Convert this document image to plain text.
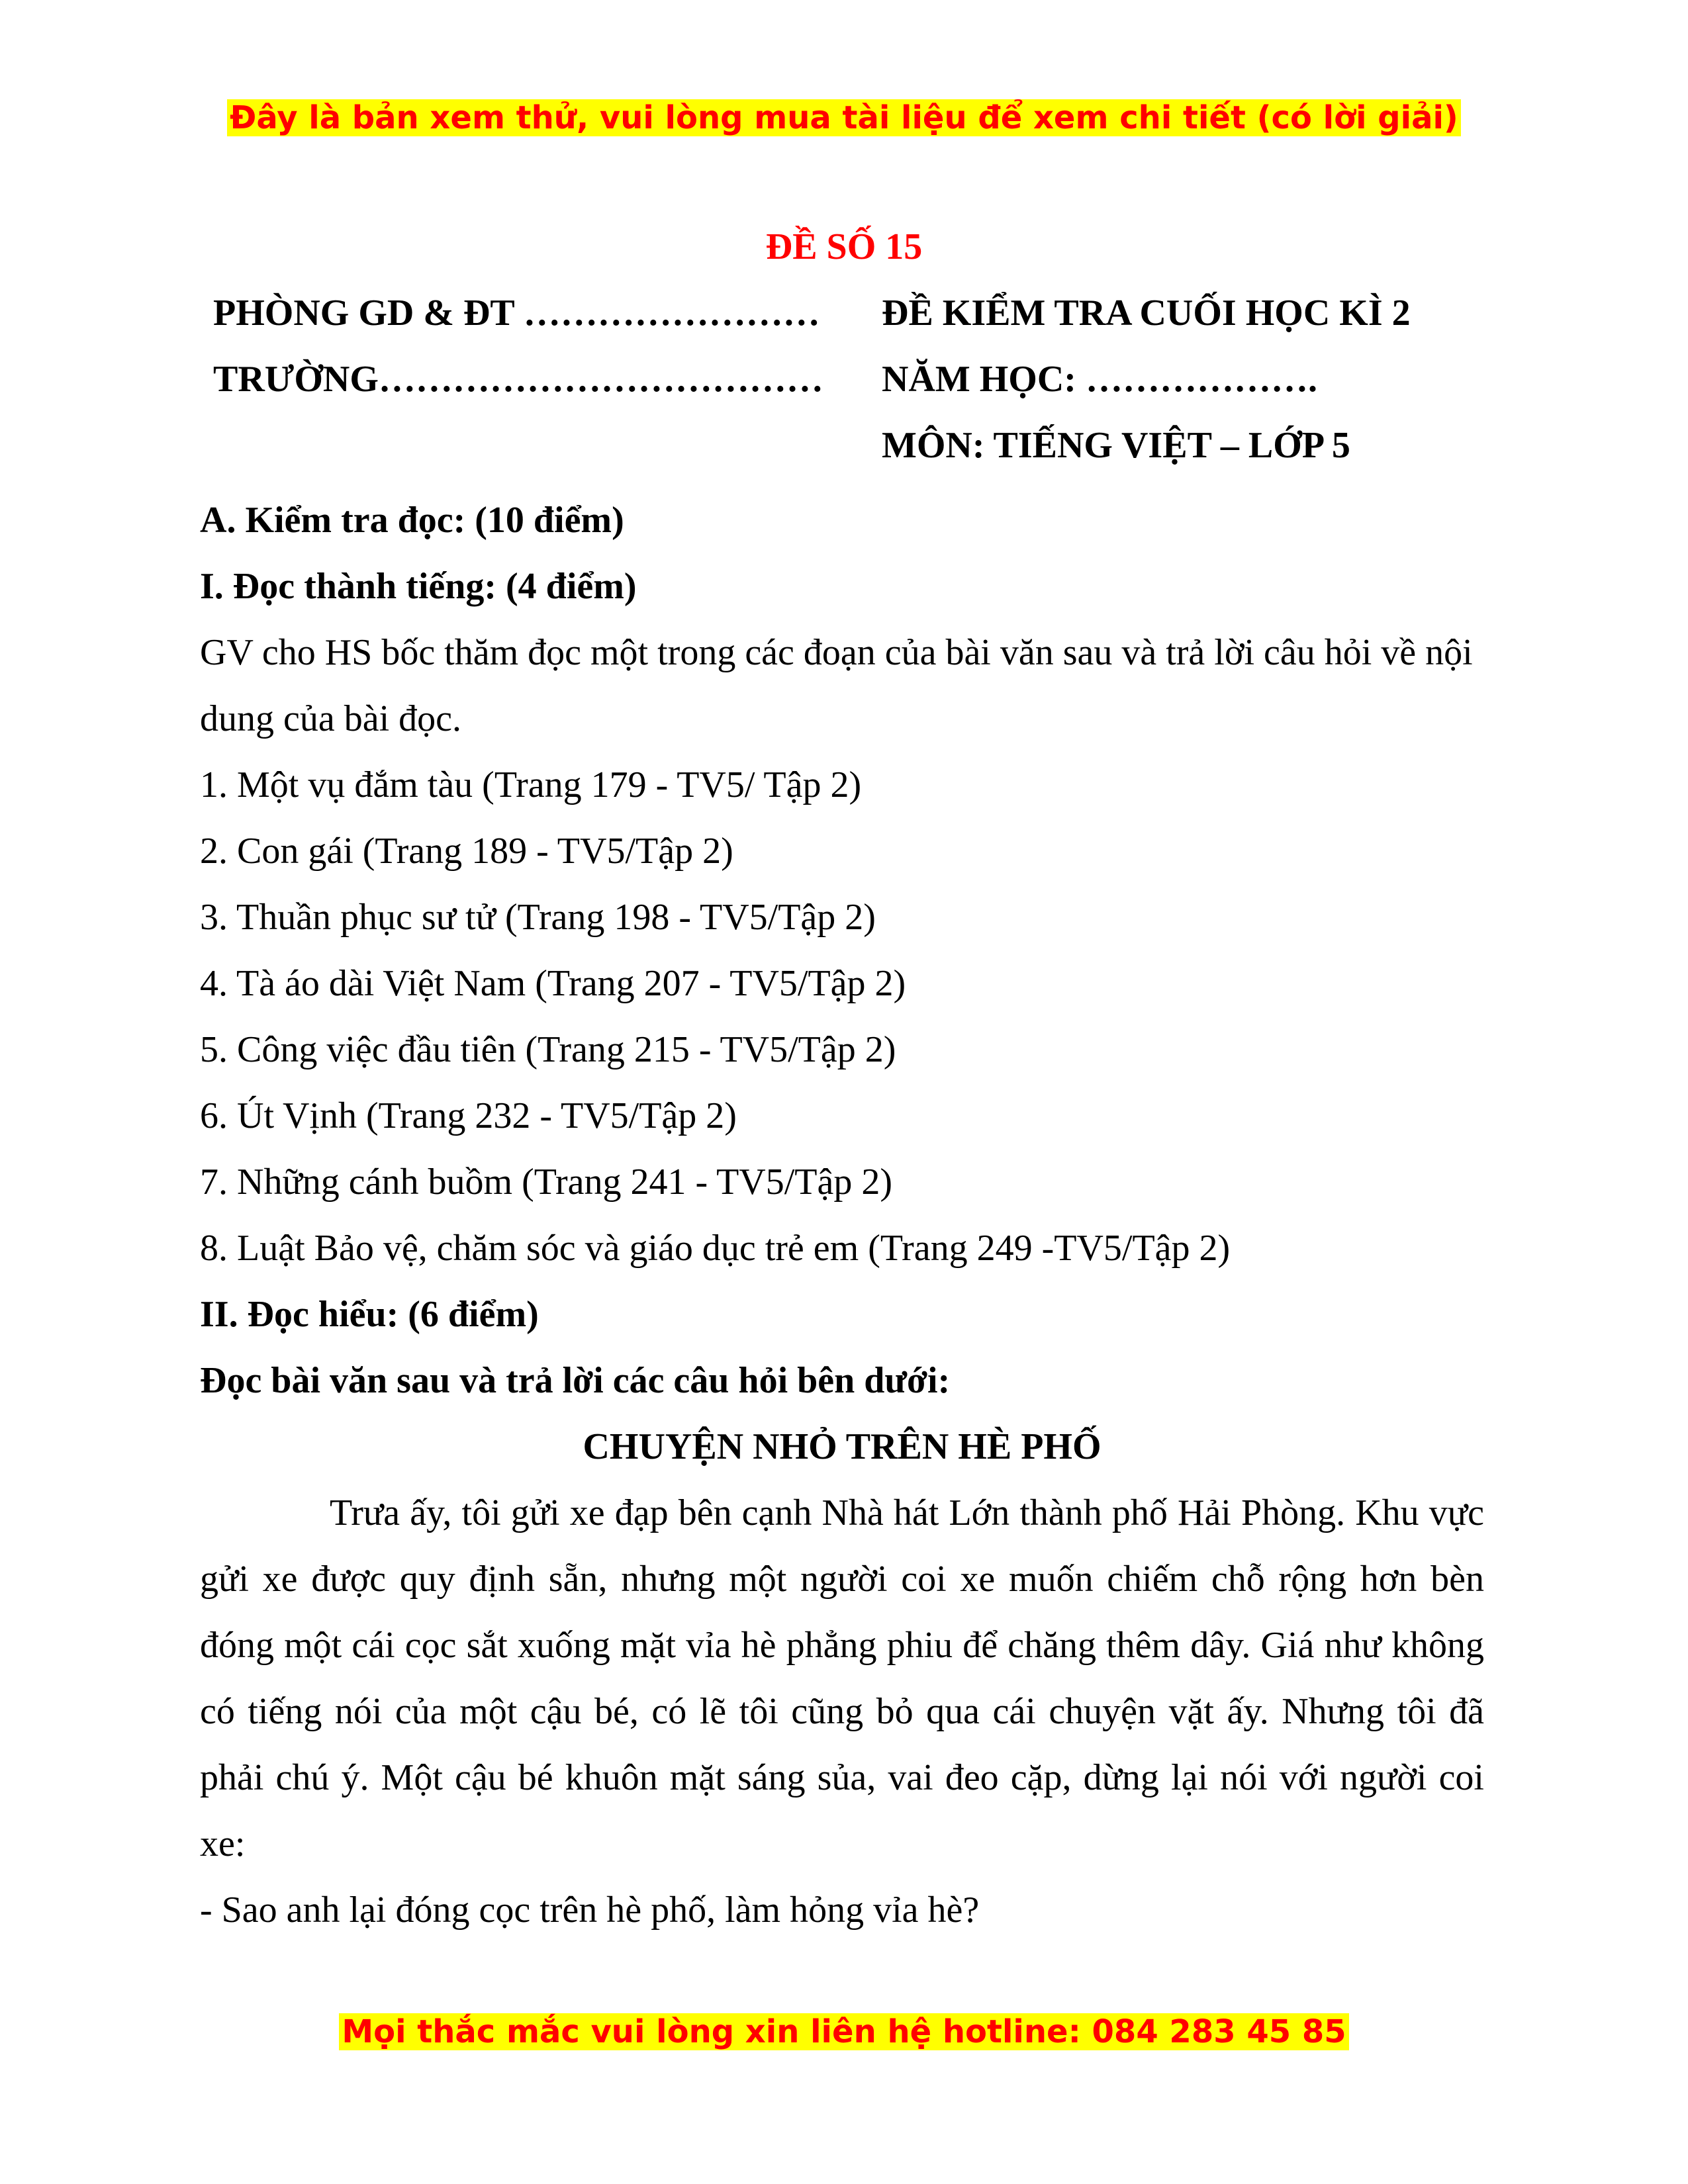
Đây là bản xem thử, vui lòng mua tài liệu để xem chi tiết (có lời giải)
ĐỀ SỐ 15
PHÒNG GD & ĐT ……………………
TRƯỜNG………………………………
ĐỀ KIỂM TRA CUỐI HỌC KÌ 2
NĂM HỌC: ……………….
MÔN: TIẾNG VIỆT – LỚP 5

A. Kiểm tra đọc: (10 điểm)

I. Đọc thành tiếng: (4 điểm)

GV cho HS bốc thăm đọc một trong các đoạn của bài văn sau và trả lời câu hỏi về nội dung của bài đọc.

1. Một vụ đắm tàu (Trang 179 - TV5/ Tập 2)

2. Con gái (Trang 189 - TV5/Tập 2)

3. Thuần phục sư tử (Trang 198 - TV5/Tập 2)

4. Tà áo dài Việt Nam (Trang 207 - TV5/Tập 2)

5. Công việc đầu tiên (Trang 215 - TV5/Tập 2)

6. Út Vịnh (Trang 232 - TV5/Tập 2)

7. Những cánh buồm (Trang 241 - TV5/Tập 2)

8. Luật Bảo vệ, chăm sóc và giáo dục trẻ em (Trang 249 -TV5/Tập 2)

II. Đọc hiểu: (6 điểm)

Đọc bài văn sau và trả lời các câu hỏi bên dưới:

CHUYỆN NHỎ TRÊN HÈ PHỐ

Trưa ấy, tôi gửi xe đạp bên cạnh Nhà hát Lớn thành phố Hải Phòng. Khu vực gửi xe được quy định sẵn, nhưng một người coi xe muốn chiếm chỗ rộng hơn bèn đóng một cái cọc sắt xuống mặt vỉa hè phẳng phiu để chăng thêm dây. Giá như không có tiếng nói của một cậu bé, có lẽ tôi cũng bỏ qua cái chuyện vặt ấy. Nhưng tôi đã phải chú ý. Một cậu bé khuôn mặt sáng sủa, vai đeo cặp, dừng lại nói với người coi xe:

- Sao anh lại đóng cọc trên hè phố, làm hỏng vỉa hè?

Mọi thắc mắc vui lòng xin liên hệ hotline: 084 283 45 85
